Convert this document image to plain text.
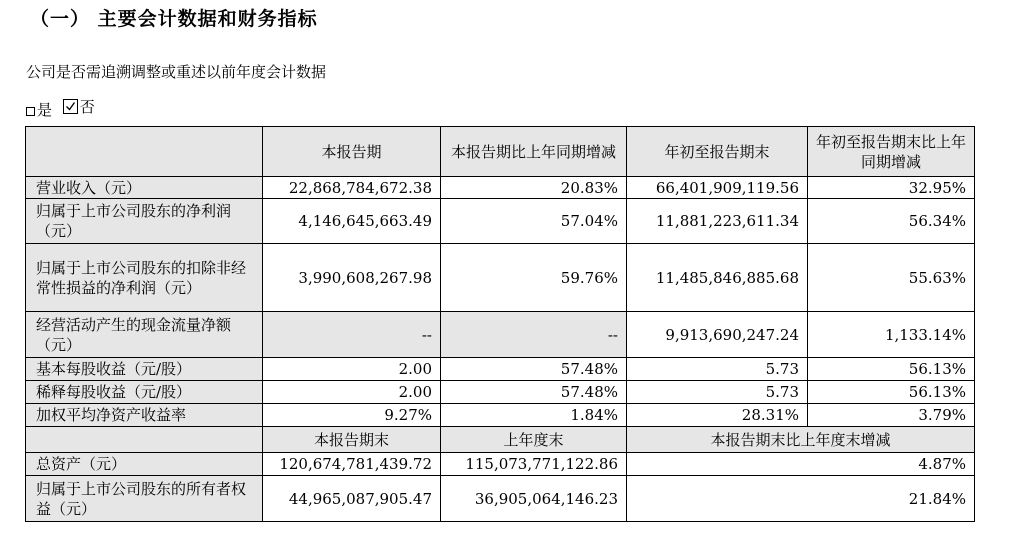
（一） 主要会计数据和财务指标
公司是否需追溯调整或重述以前年度会计数据
是
否
	本报告期	本报告期比上年同期增减	年初至报告期末	年初至报告期末比上年同期增减
营业收入（元）	22,868,784,672.38	20.83%	66,401,909,119.56	32.95%
归属于上市公司股东的净利润（元）	4,146,645,663.49	57.04%	11,881,223,611.34	56.34%
归属于上市公司股东的扣除非经常性损益的净利润（元）	3,990,608,267.98	59.76%	11,485,846,885.68	55.63%
经营活动产生的现金流量净额（元）	--	--	9,913,690,247.24	1,133.14%
基本每股收益（元/股）	2.00	57.48%	5.73	56.13%
稀释每股收益（元/股）	2.00	57.48%	5.73	56.13%
加权平均净资产收益率	9.27%	1.84%	28.31%	3.79%
	本报告期末	上年度末	本报告期末比上年度末增减	
总资产（元）	120,674,781,439.72	115,073,771,122.86	4.87%	
归属于上市公司股东的所有者权益（元）	44,965,087,905.47	36,905,064,146.23	21.84%	
